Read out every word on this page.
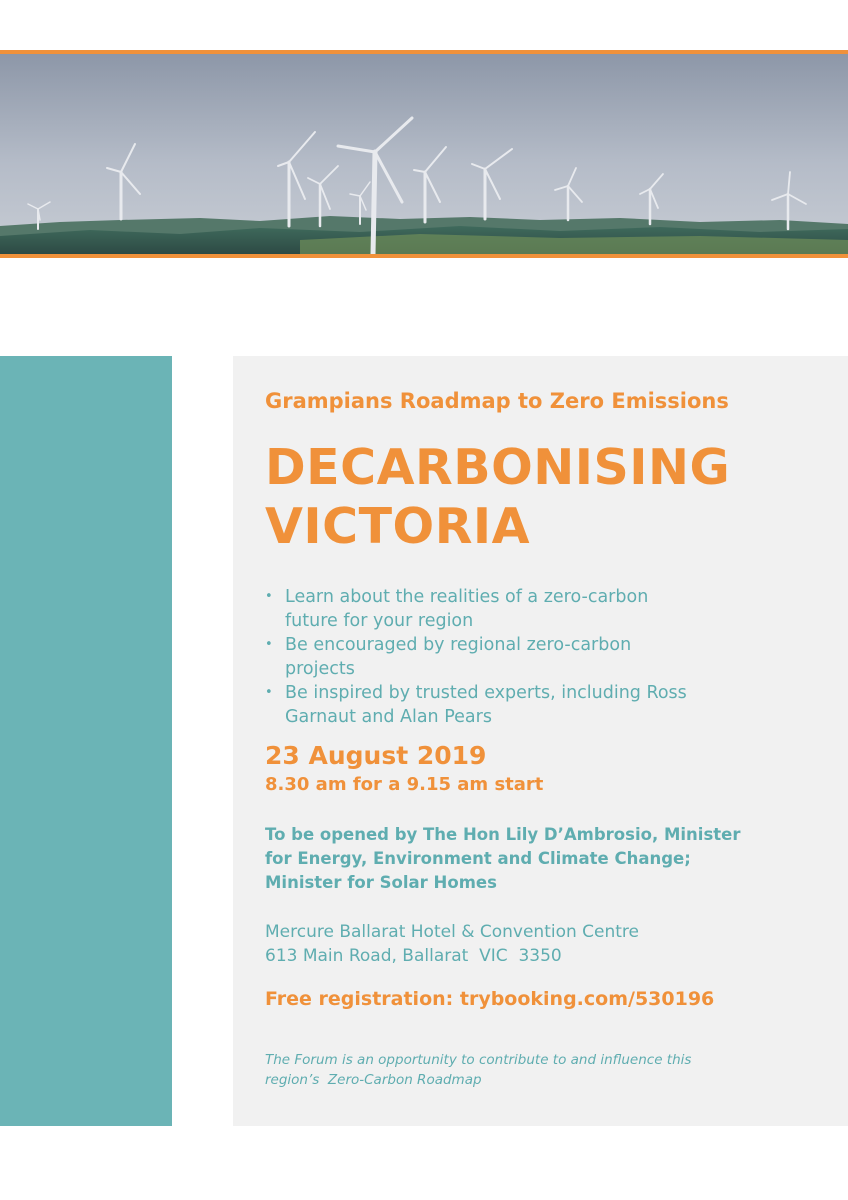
Grampians Roadmap to Zero Emissions
DECARBONISING
VICTORIA
• Learn about the realities of a zero-carbon future for your region
• Be encouraged by regional zero-carbon projects
• Be inspired by trusted experts, including Ross Garnaut and Alan Pears
23 August 2019
8.30 am for a 9.15 am start
To be opened by The Hon Lily D’Ambrosio, Minister for Energy, Environment and Climate Change; Minister for Solar Homes
Mercure Ballarat Hotel & Convention Centre
613 Main Road, Ballarat  VIC  3350
Free registration: trybooking.com/530196
The Forum is an opportunity to contribute to and influence this region’s  Zero-Carbon Roadmap
